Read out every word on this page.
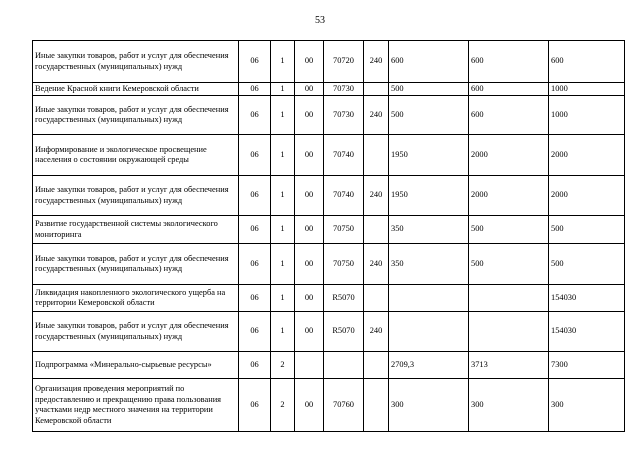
53
Иные закупки товаров, работ и услуг для обеспечения государственных (муниципальных) нужд	06	1	00	70720	240	600	600	600
Ведение Красной книги Кемеровской области	06	1	00	70730		500	600	1000
Иные закупки товаров, работ и услуг для обеспечения государственных (муниципальных) нужд	06	1	00	70730	240	500	600	1000
Информирование и экологическое просвещение населения о состоянии окружающей среды	06	1	00	70740		1950	2000	2000
Иные закупки товаров, работ и услуг для обеспечения государственных (муниципальных) нужд	06	1	00	70740	240	1950	2000	2000
Развитие государственной системы экологического мониторинга	06	1	00	70750		350	500	500
Иные закупки товаров, работ и услуг для обеспечения государственных (муниципальных) нужд	06	1	00	70750	240	350	500	500
Ликвидация накопленного экологического ущерба на территории Кемеровской области	06	1	00	R5070				154030
Иные закупки товаров, работ и услуг для обеспечения государственных (муниципальных) нужд	06	1	00	R5070	240			154030
Подпрограмма «Минерально-сырьевые ресурсы»	06	2				2709,3	3713	7300
Организация проведения мероприятий по предоставлению и прекращению права пользования участками недр местного значения на территории Кемеровской области	06	2	00	70760		300	300	300
